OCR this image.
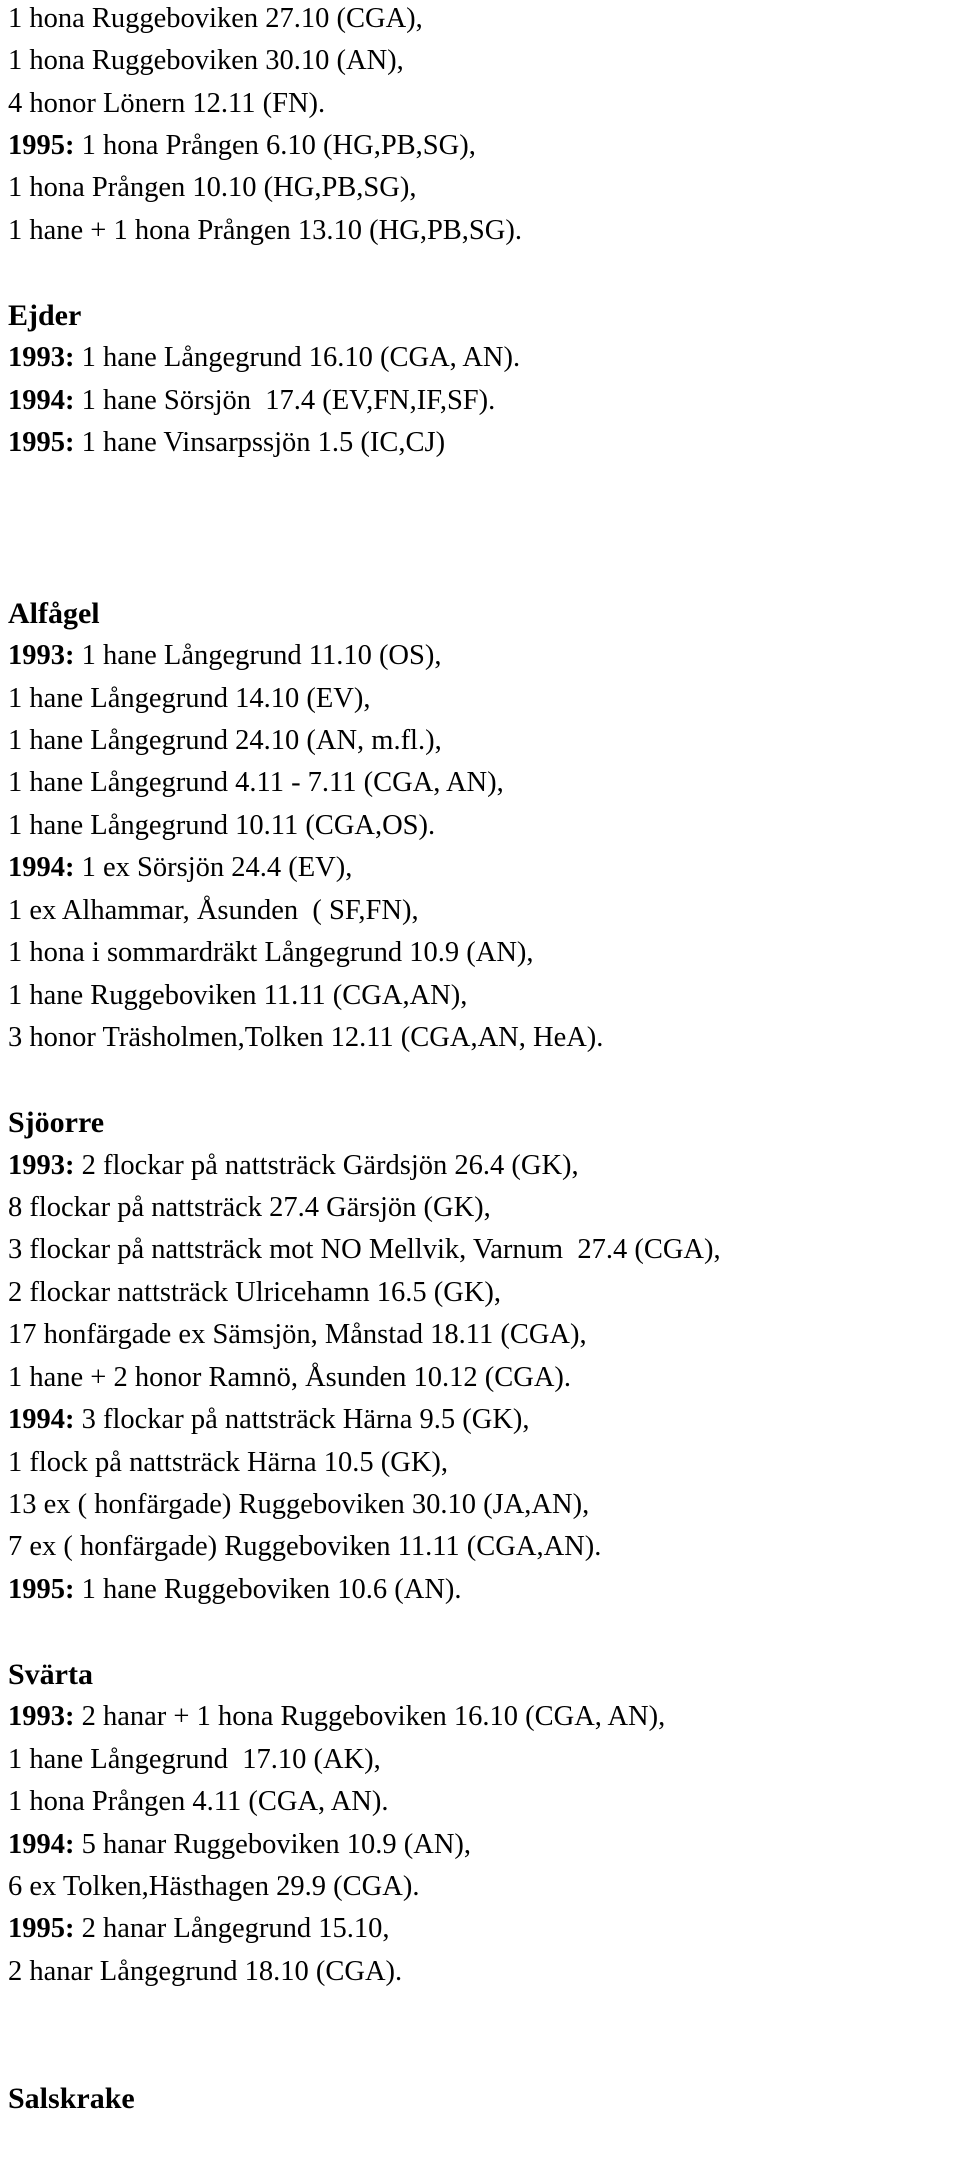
1 hona Ruggeboviken 27.10 (CGA),
1 hona Ruggeboviken 30.10 (AN),
4 honor Lönern 12.11 (FN).
1995: 1 hona Prången 6.10 (HG,PB,SG),
1 hona Prången 10.10 (HG,PB,SG),
1 hane + 1 hona Prången 13.10 (HG,PB,SG).
Ejder
1993: 1 hane Långegrund 16.10 (CGA, AN).
1994: 1 hane Sörsjön  17.4 (EV,FN,IF,SF).
1995: 1 hane Vinsarpssjön 1.5 (IC,CJ)
Alfågel
1993: 1 hane Långegrund 11.10 (OS),
1 hane Långegrund 14.10 (EV),
1 hane Långegrund 24.10 (AN, m.fl.),
1 hane Långegrund 4.11 - 7.11 (CGA, AN),
1 hane Långegrund 10.11 (CGA,OS).
1994: 1 ex Sörsjön 24.4 (EV),
1 ex Alhammar, Åsunden  ( SF,FN),
1 hona i sommardräkt Långegrund 10.9 (AN),
1 hane Ruggeboviken 11.11 (CGA,AN),
3 honor Träsholmen,Tolken 12.11 (CGA,AN, HeA).
Sjöorre
1993: 2 flockar på nattsträck Gärdsjön 26.4 (GK),
8 flockar på nattsträck 27.4 Gärsjön (GK),
3 flockar på nattsträck mot NO Mellvik, Varnum  27.4 (CGA),
2 flockar nattsträck Ulricehamn 16.5 (GK),
17 honfärgade ex Sämsjön, Månstad 18.11 (CGA),
1 hane + 2 honor Ramnö, Åsunden 10.12 (CGA).
1994: 3 flockar på nattsträck Härna 9.5 (GK),
1 flock på nattsträck Härna 10.5 (GK),
13 ex ( honfärgade) Ruggeboviken 30.10 (JA,AN),
7 ex ( honfärgade) Ruggeboviken 11.11 (CGA,AN).
1995: 1 hane Ruggeboviken 10.6 (AN).
Svärta
1993: 2 hanar + 1 hona Ruggeboviken 16.10 (CGA, AN),
1 hane Långegrund  17.10 (AK),
1 hona Prången 4.11 (CGA, AN).
1994: 5 hanar Ruggeboviken 10.9 (AN),
6 ex Tolken,Hästhagen 29.9 (CGA).
1995: 2 hanar Långegrund 15.10,
2 hanar Långegrund 18.10 (CGA).
Salskrake
